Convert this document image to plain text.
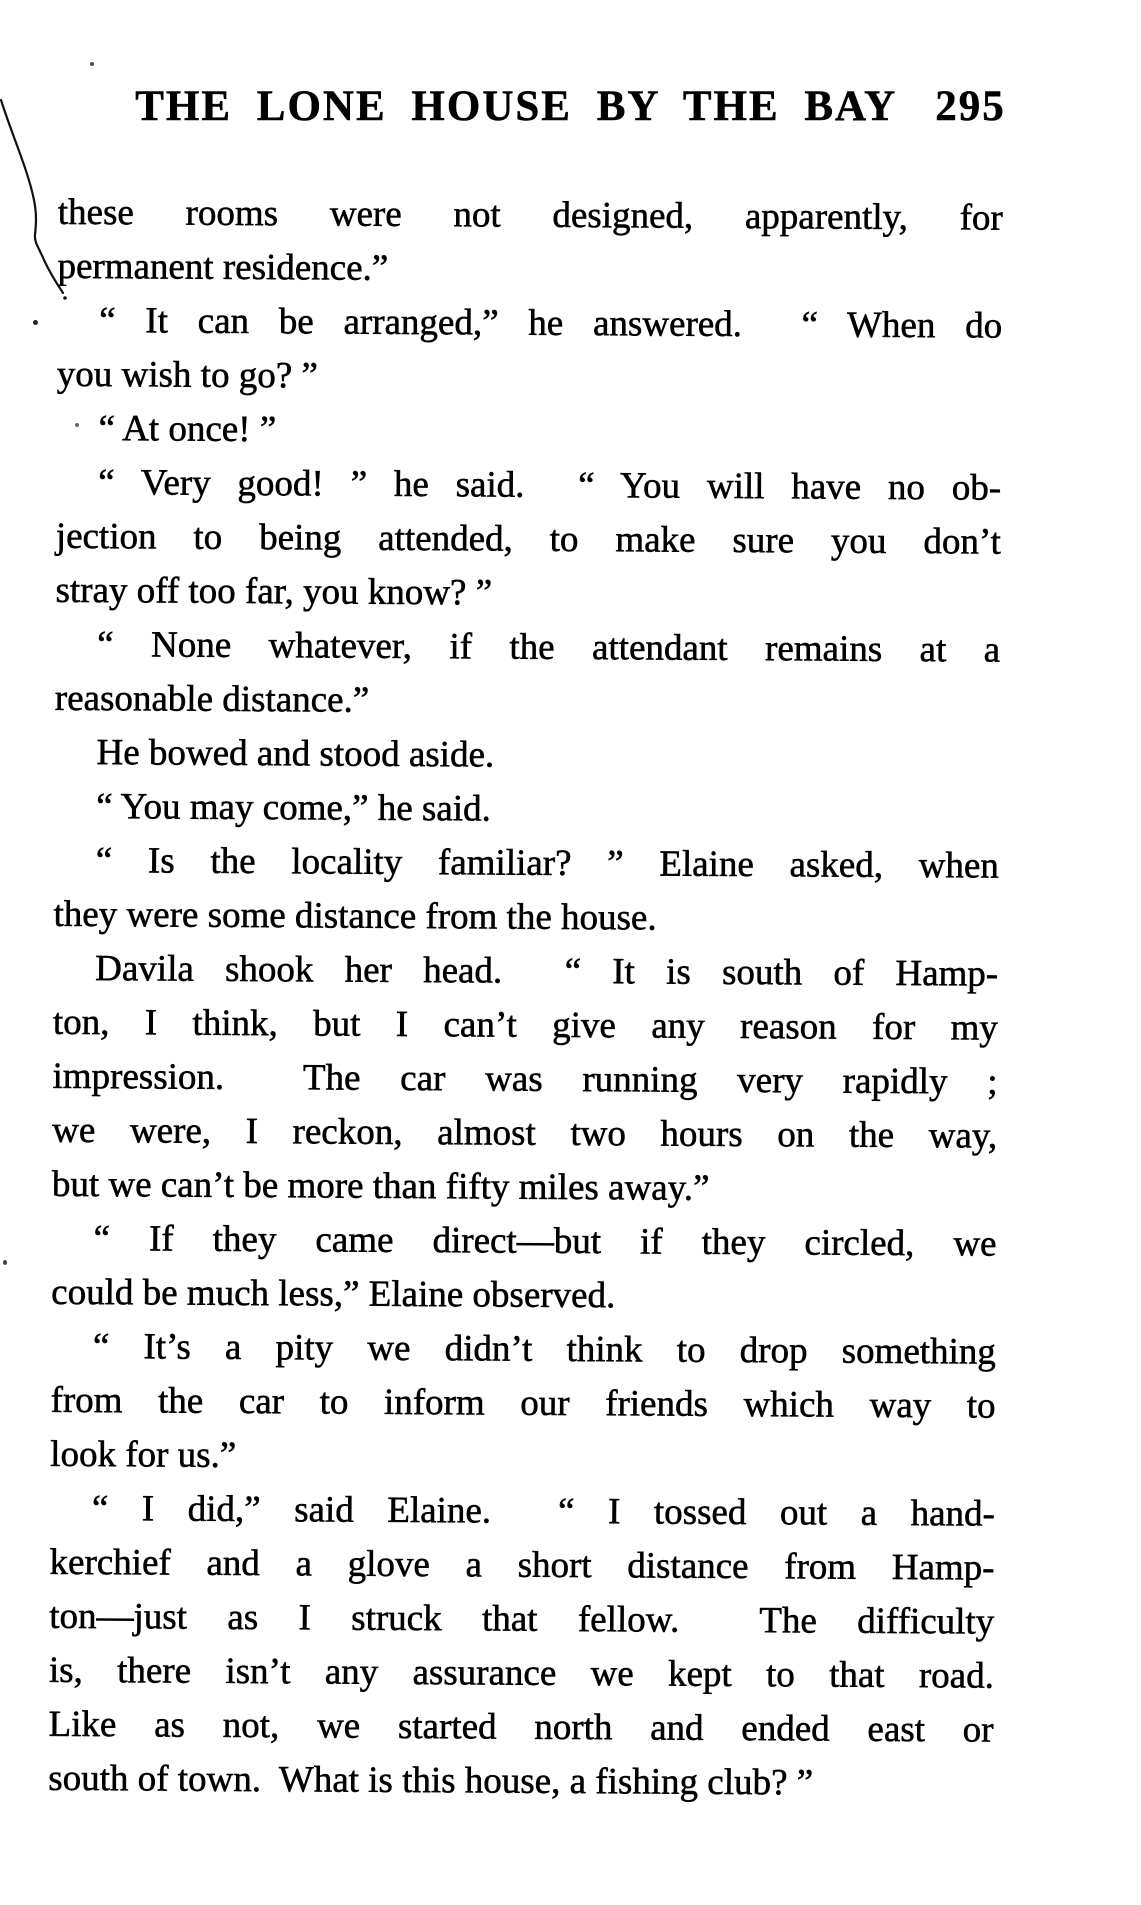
THE LONE HOUSE BY THE BAY 295
these rooms were not designed, apparently, for
permanent residence.”
“ It can be arranged,” he answered.  “ When do
you wish to go? ”
“ At once! ”
“ Very good! ” he said.  “ You will have no ob-
jection to being attended, to make sure you don’t
stray off too far, you know? ”
“ None whatever, if the attendant remains at a
reasonable distance.”
He bowed and stood aside.
“ You may come,” he said.
“ Is the locality familiar? ” Elaine asked, when
they were some distance from the house.
Davila shook her head.  “ It is south of Hamp-
ton, I think, but I can’t give any reason for my
impression.  The car was running very rapidly ;
we were, I reckon, almost two hours on the way,
but we can’t be more than fifty miles away.”
“ If they came direct—but if they circled, we
could be much less,” Elaine observed.
“ It’s a pity we didn’t think to drop something
from the car to inform our friends which way to
look for us.”
“ I did,” said Elaine.  “ I tossed out a hand-
kerchief and a glove a short distance from Hamp-
ton—just as I struck that fellow.  The difficulty
is, there isn’t any assurance we kept to that road.
Like as not, we started north and ended east or
south of town.  What is this house, a fishing club? ”
